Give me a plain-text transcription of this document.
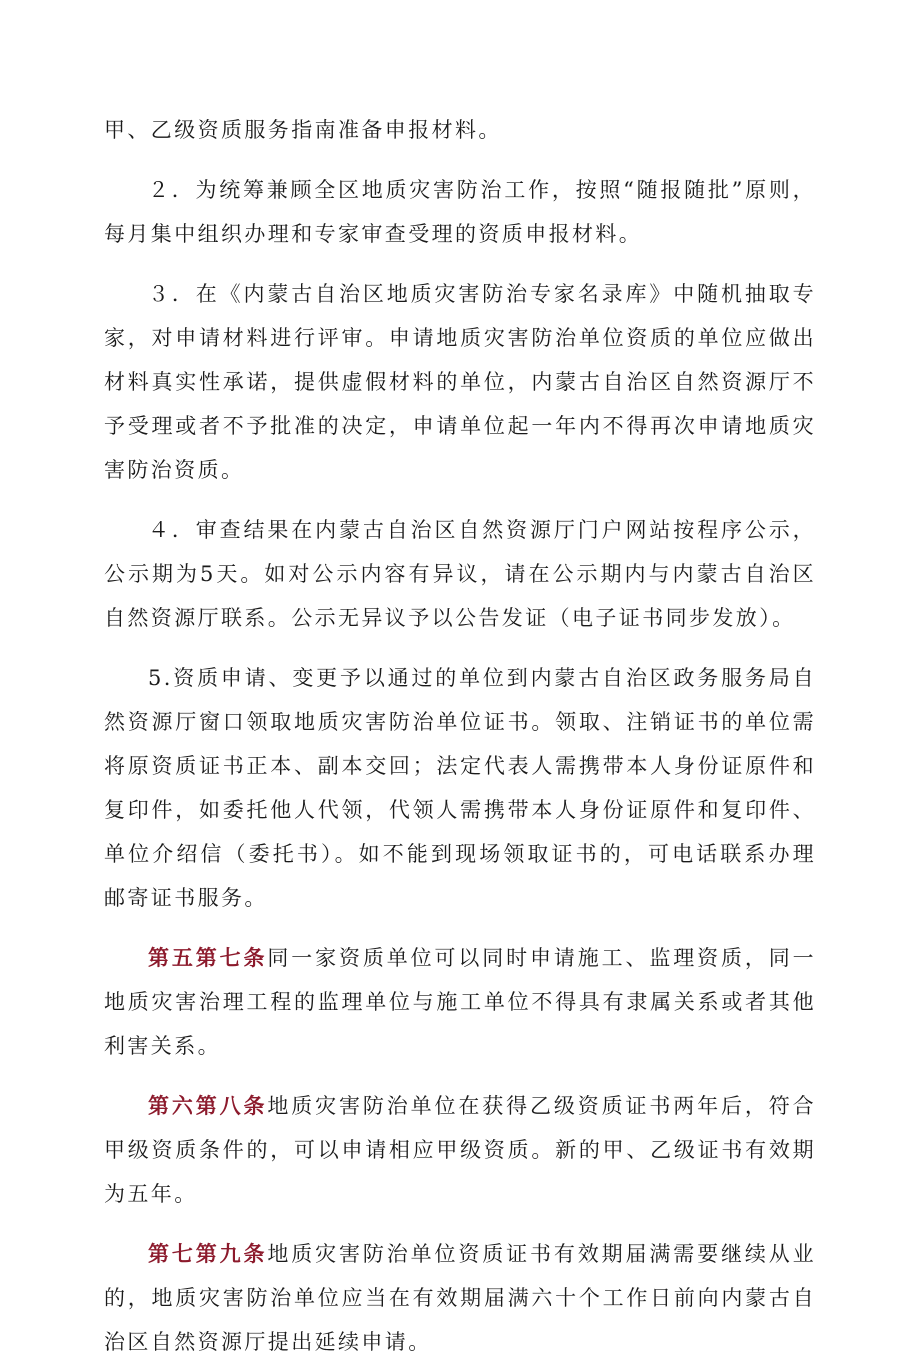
甲、乙级资质服务指南准备申报材料。

２．为统筹兼顾全区地质灾害防治工作，按照“随报随批”原则，每月集中组织办理和专家审查受理的资质申报材料。

３．在《内蒙古自治区地质灾害防治专家名录库》中随机抽取专家，对申请材料进行评审。申请地质灾害防治单位资质的单位应做出材料真实性承诺，提供虚假材料的单位，内蒙古自治区自然资源厅不予受理或者不予批准的决定，申请单位起一年内不得再次申请地质灾害防治资质。

４．审查结果在内蒙古自治区自然资源厅门户网站按程序公示，公示期为5天。如对公示内容有异议，请在公示期内与内蒙古自治区自然资源厅联系。公示无异议予以公告发证（电子证书同步发放）。

5.资质申请、变更予以通过的单位到内蒙古自治区政务服务局自然资源厅窗口领取地质灾害防治单位证书。领取、注销证书的单位需将原资质证书正本、副本交回；法定代表人需携带本人身份证原件和复印件，如委托他人代领，代领人需携带本人身份证原件和复印件、单位介绍信（委托书）。如不能到现场领取证书的，可电话联系办理邮寄证书服务。

第五第七条同一家资质单位可以同时申请施工、监理资质，同一地质灾害治理工程的监理单位与施工单位不得具有隶属关系或者其他利害关系。

第六第八条地质灾害防治单位在获得乙级资质证书两年后，符合甲级资质条件的，可以申请相应甲级资质。新的甲、乙级证书有效期为五年。

第七第九条地质灾害防治单位资质证书有效期届满需要继续从业的，地质灾害防治单位应当在有效期届满六十个工作日前向内蒙古自治区自然资源厅提出延续申请。
